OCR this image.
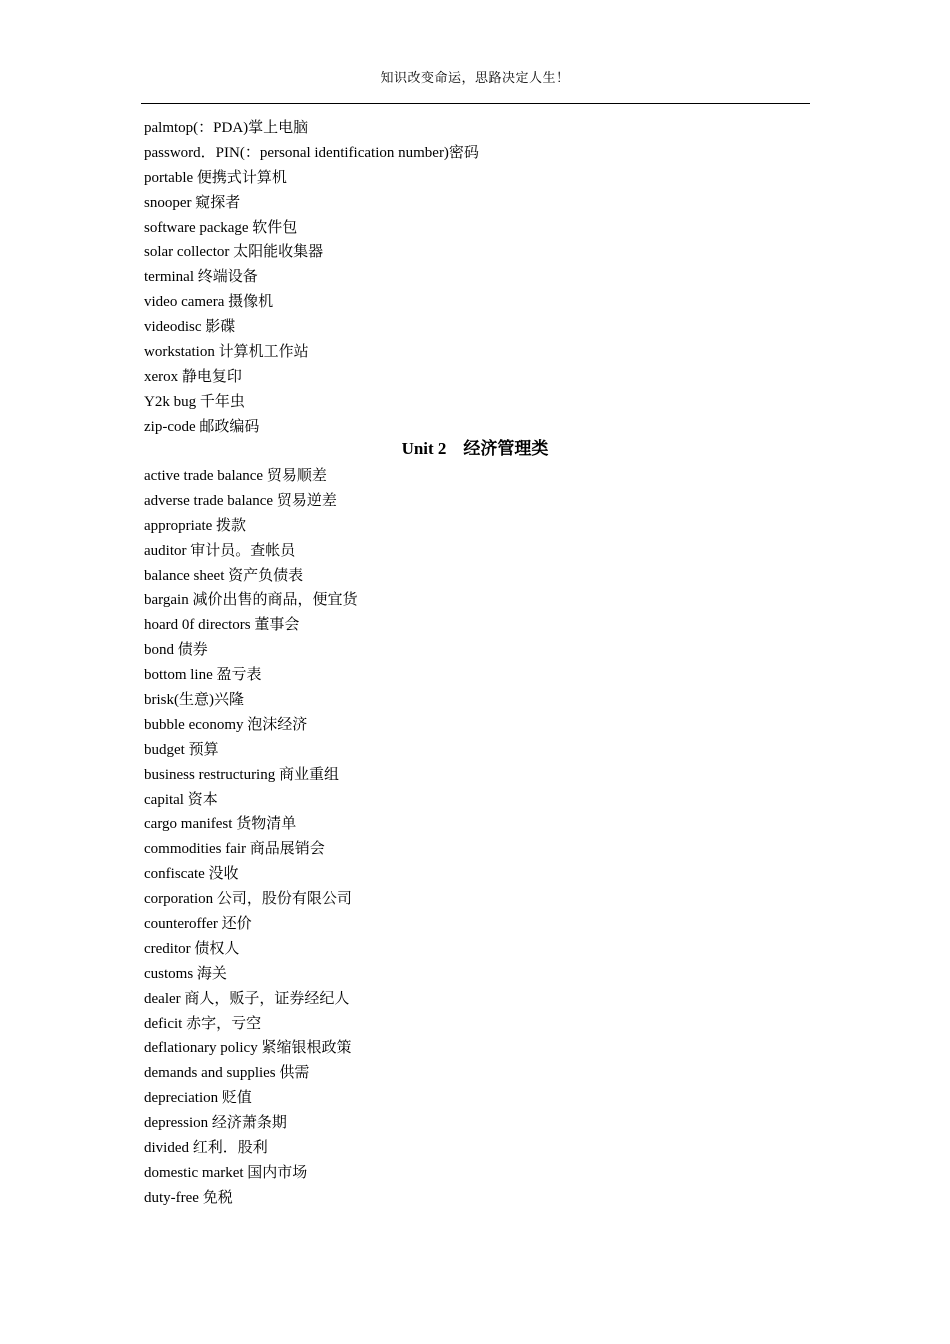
知识改变命运，思路决定人生！
palmtop(：PDA)掌上电脑
password．PIN(：personal identification number)密码
portable 便携式计算机
snooper 窥探者
software package 软件包
solar collector 太阳能收集器
terminal 终端设备
video camera 摄像机
videodisc 影碟
workstation 计算机工作站
xerox 静电复印
Y2k bug 千年虫
zip-code 邮政编码
Unit 2　经济管理类
active trade balance 贸易顺差
adverse trade balance 贸易逆差
appropriate 拨款
auditor 审计员。查帐员
balance sheet 资产负债表
bargain 减价出售的商品，便宜货
hoard 0f directors 董事会
bond 债券
bottom line 盈亏表
brisk(生意)兴隆
bubble economy 泡沫经济
budget 预算
business restructuring 商业重组
capital 资本
cargo manifest 货物清单
commodities fair 商品展销会
confiscate 没收
corporation 公司，股份有限公司
counteroffer 还价
creditor 债权人
customs 海关
dealer 商人，贩子，证券经纪人
deficit 赤字，亏空
deflationary policy 紧缩银根政策
demands and supplies 供需
depreciation 贬值
depression 经济萧条期
divided 红利．股利
domestic market 国内市场
duty-free 免税
